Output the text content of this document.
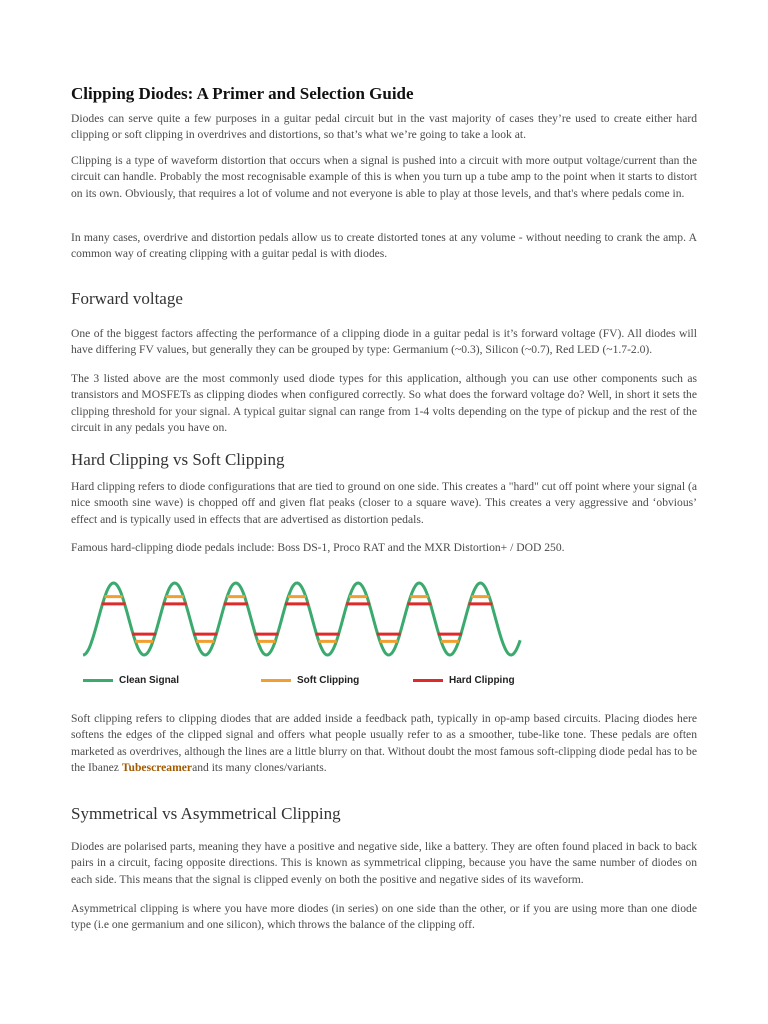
Clipping Diodes: A Primer and Selection Guide

Diodes can serve quite a few purposes in a guitar pedal circuit but in the vast majority of cases they’re used to create either hard clipping or soft clipping in overdrives and distortions, so that’s what we’re going to take a look at.

Clipping is a type of waveform distortion that occurs when a signal is pushed into a circuit with more output voltage/current than the circuit can handle. Probably the most recognisable example of this is when you turn up a tube amp to the point when it starts to distort on its own. Obviously, that requires a lot of volume and not everyone is able to play at those levels, and that's where pedals come in.

In many cases, overdrive and distortion pedals allow us to create distorted tones at any volume - without needing to crank the amp. A common way of creating clipping with a guitar pedal is with diodes.

Forward voltage

One of the biggest factors affecting the performance of a clipping diode in a guitar pedal is it’s forward voltage (FV). All diodes will have differing FV values, but generally they can be grouped by type: Germanium (~0.3), Silicon (~0.7), Red LED (~1.7-2.0).

The 3 listed above are the most commonly used diode types for this application, although you can use other components such as transistors and MOSFETs as clipping diodes when configured correctly. So what does the forward voltage do? Well, in short it sets the clipping threshold for your signal. A typical guitar signal can range from 1-4 volts depending on the type of pickup and the rest of the circuit in any pedals you have on.

Hard Clipping vs Soft Clipping

Hard clipping refers to diode configurations that are tied to ground on one side. This creates a "hard" cut off point where your signal (a nice smooth sine wave) is chopped off and given flat peaks (closer to a square wave). This creates a very aggressive and ‘obvious’ effect and is typically used in effects that are advertised as distortion pedals.

Famous hard-clipping diode pedals include: Boss DS-1, Proco RAT and the MXR Distortion+ / DOD 250.

Clean Signal	Soft Clipping	Hard Clipping

Soft clipping refers to clipping diodes that are added inside a feedback path, typically in op-amp based circuits. Placing diodes here softens the edges of the clipped signal and offers what people usually refer to as a smoother, tube-like tone. These pedals are often marketed as overdrives, although the lines are a little blurry on that. Without doubt the most famous soft-clipping diode pedal has to be the Ibanez Tubescreamerand its many clones/variants.

Symmetrical vs Asymmetrical Clipping

Diodes are polarised parts, meaning they have a positive and negative side, like a battery. They are often found placed in back to back pairs in a circuit, facing opposite directions. This is known as symmetrical clipping, because you have the same number of diodes on each side. This means that the signal is clipped evenly on both the positive and negative sides of its waveform.

Asymmetrical clipping is where you have more diodes (in series) on one side than the other, or if you are using more than one diode type (i.e one germanium and one silicon), which throws the balance of the clipping off.
